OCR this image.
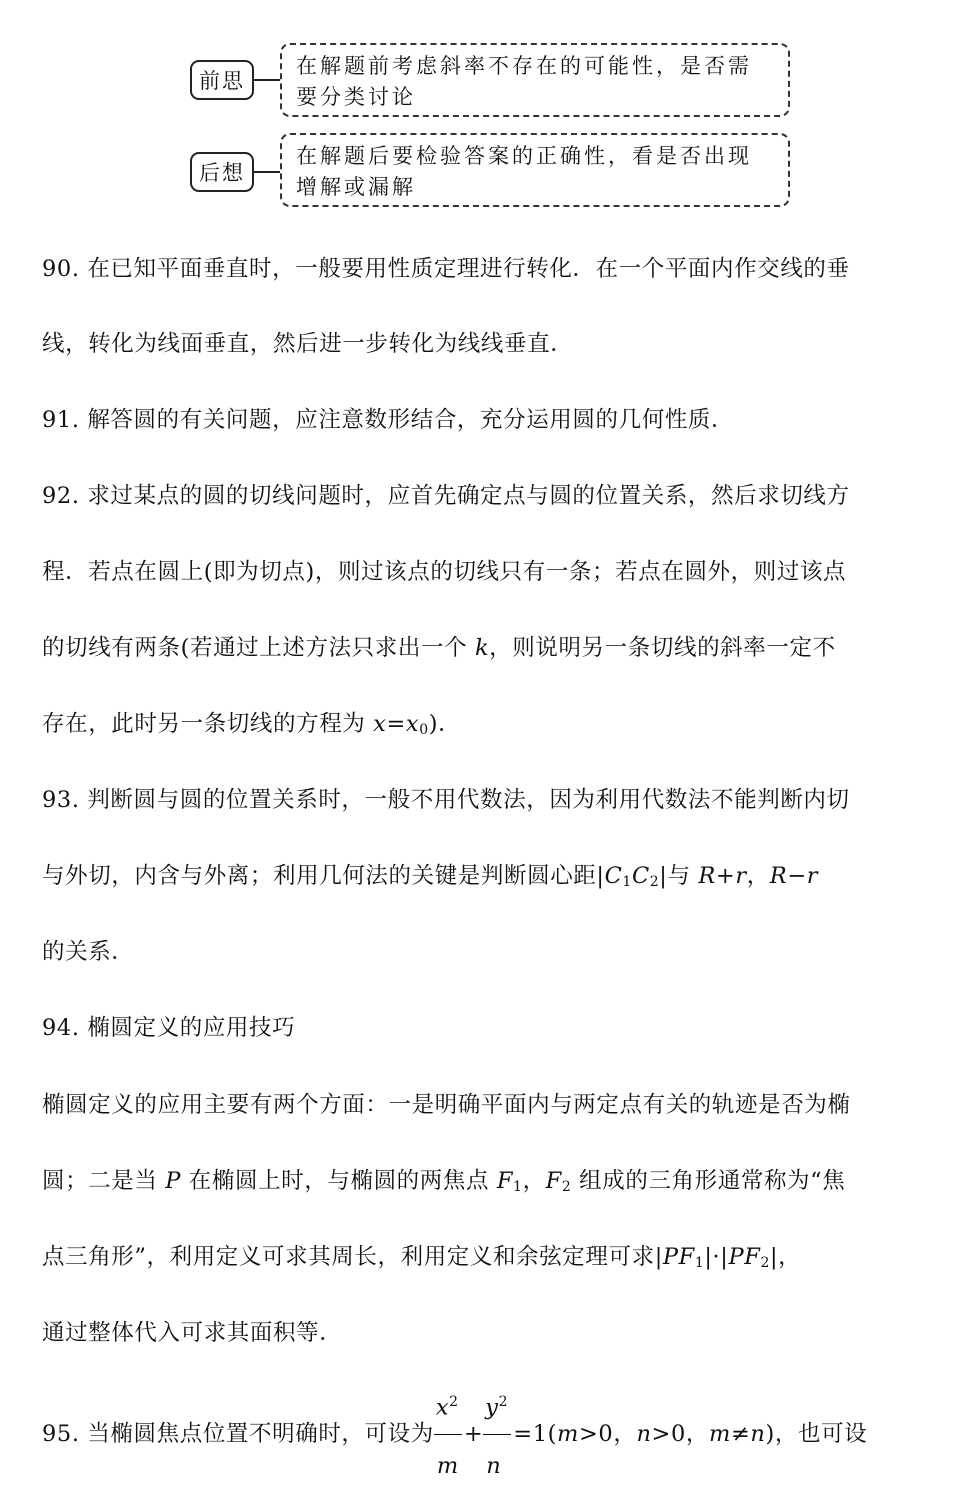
前思
在解题前考虑斜率不存在的可能性，是否需
要分类讨论
后想
在解题后要检验答案的正确性，看是否出现
增解或漏解
90. 在已知平面垂直时，一般要用性质定理进行转化．在一个平面内作交线的垂
线，转化为线面垂直，然后进一步转化为线线垂直．
91. 解答圆的有关问题，应注意数形结合，充分运用圆的几何性质．
92. 求过某点的圆的切线问题时，应首先确定点与圆的位置关系，然后求切线方
程．若点在圆上(即为切点)，则过该点的切线只有一条；若点在圆外，则过该点
的切线有两条(若通过上述方法只求出一个 k，则说明另一条切线的斜率一定不
存在，此时另一条切线的方程为 $x=x_0$)．
93. 判断圆与圆的位置关系时，一般不用代数法，因为利用代数法不能判断内切
与外切，内含与外离；利用几何法的关键是判断圆心距$|C_1C_2|$与 R+r，R−r
的关系．
94. 椭圆定义的应用技巧
椭圆定义的应用主要有两个方面：一是明确平面内与两定点有关的轨迹是否为椭
圆；二是当 P 在椭圆上时，与椭圆的两焦点 $F_1$，$F_2$ 组成的三角形通常称为“焦
点三角形”，利用定义可求其周长，利用定义和余弦定理可求$|PF_1|\cdot|PF_2|$，
通过整体代入可求其面积等．
95. 当椭圆焦点位置不明确时，可设为 $\frac{x^2}{m} + \frac{y^2}{n} =1(m>0$，n>0，m≠n)，也可设
